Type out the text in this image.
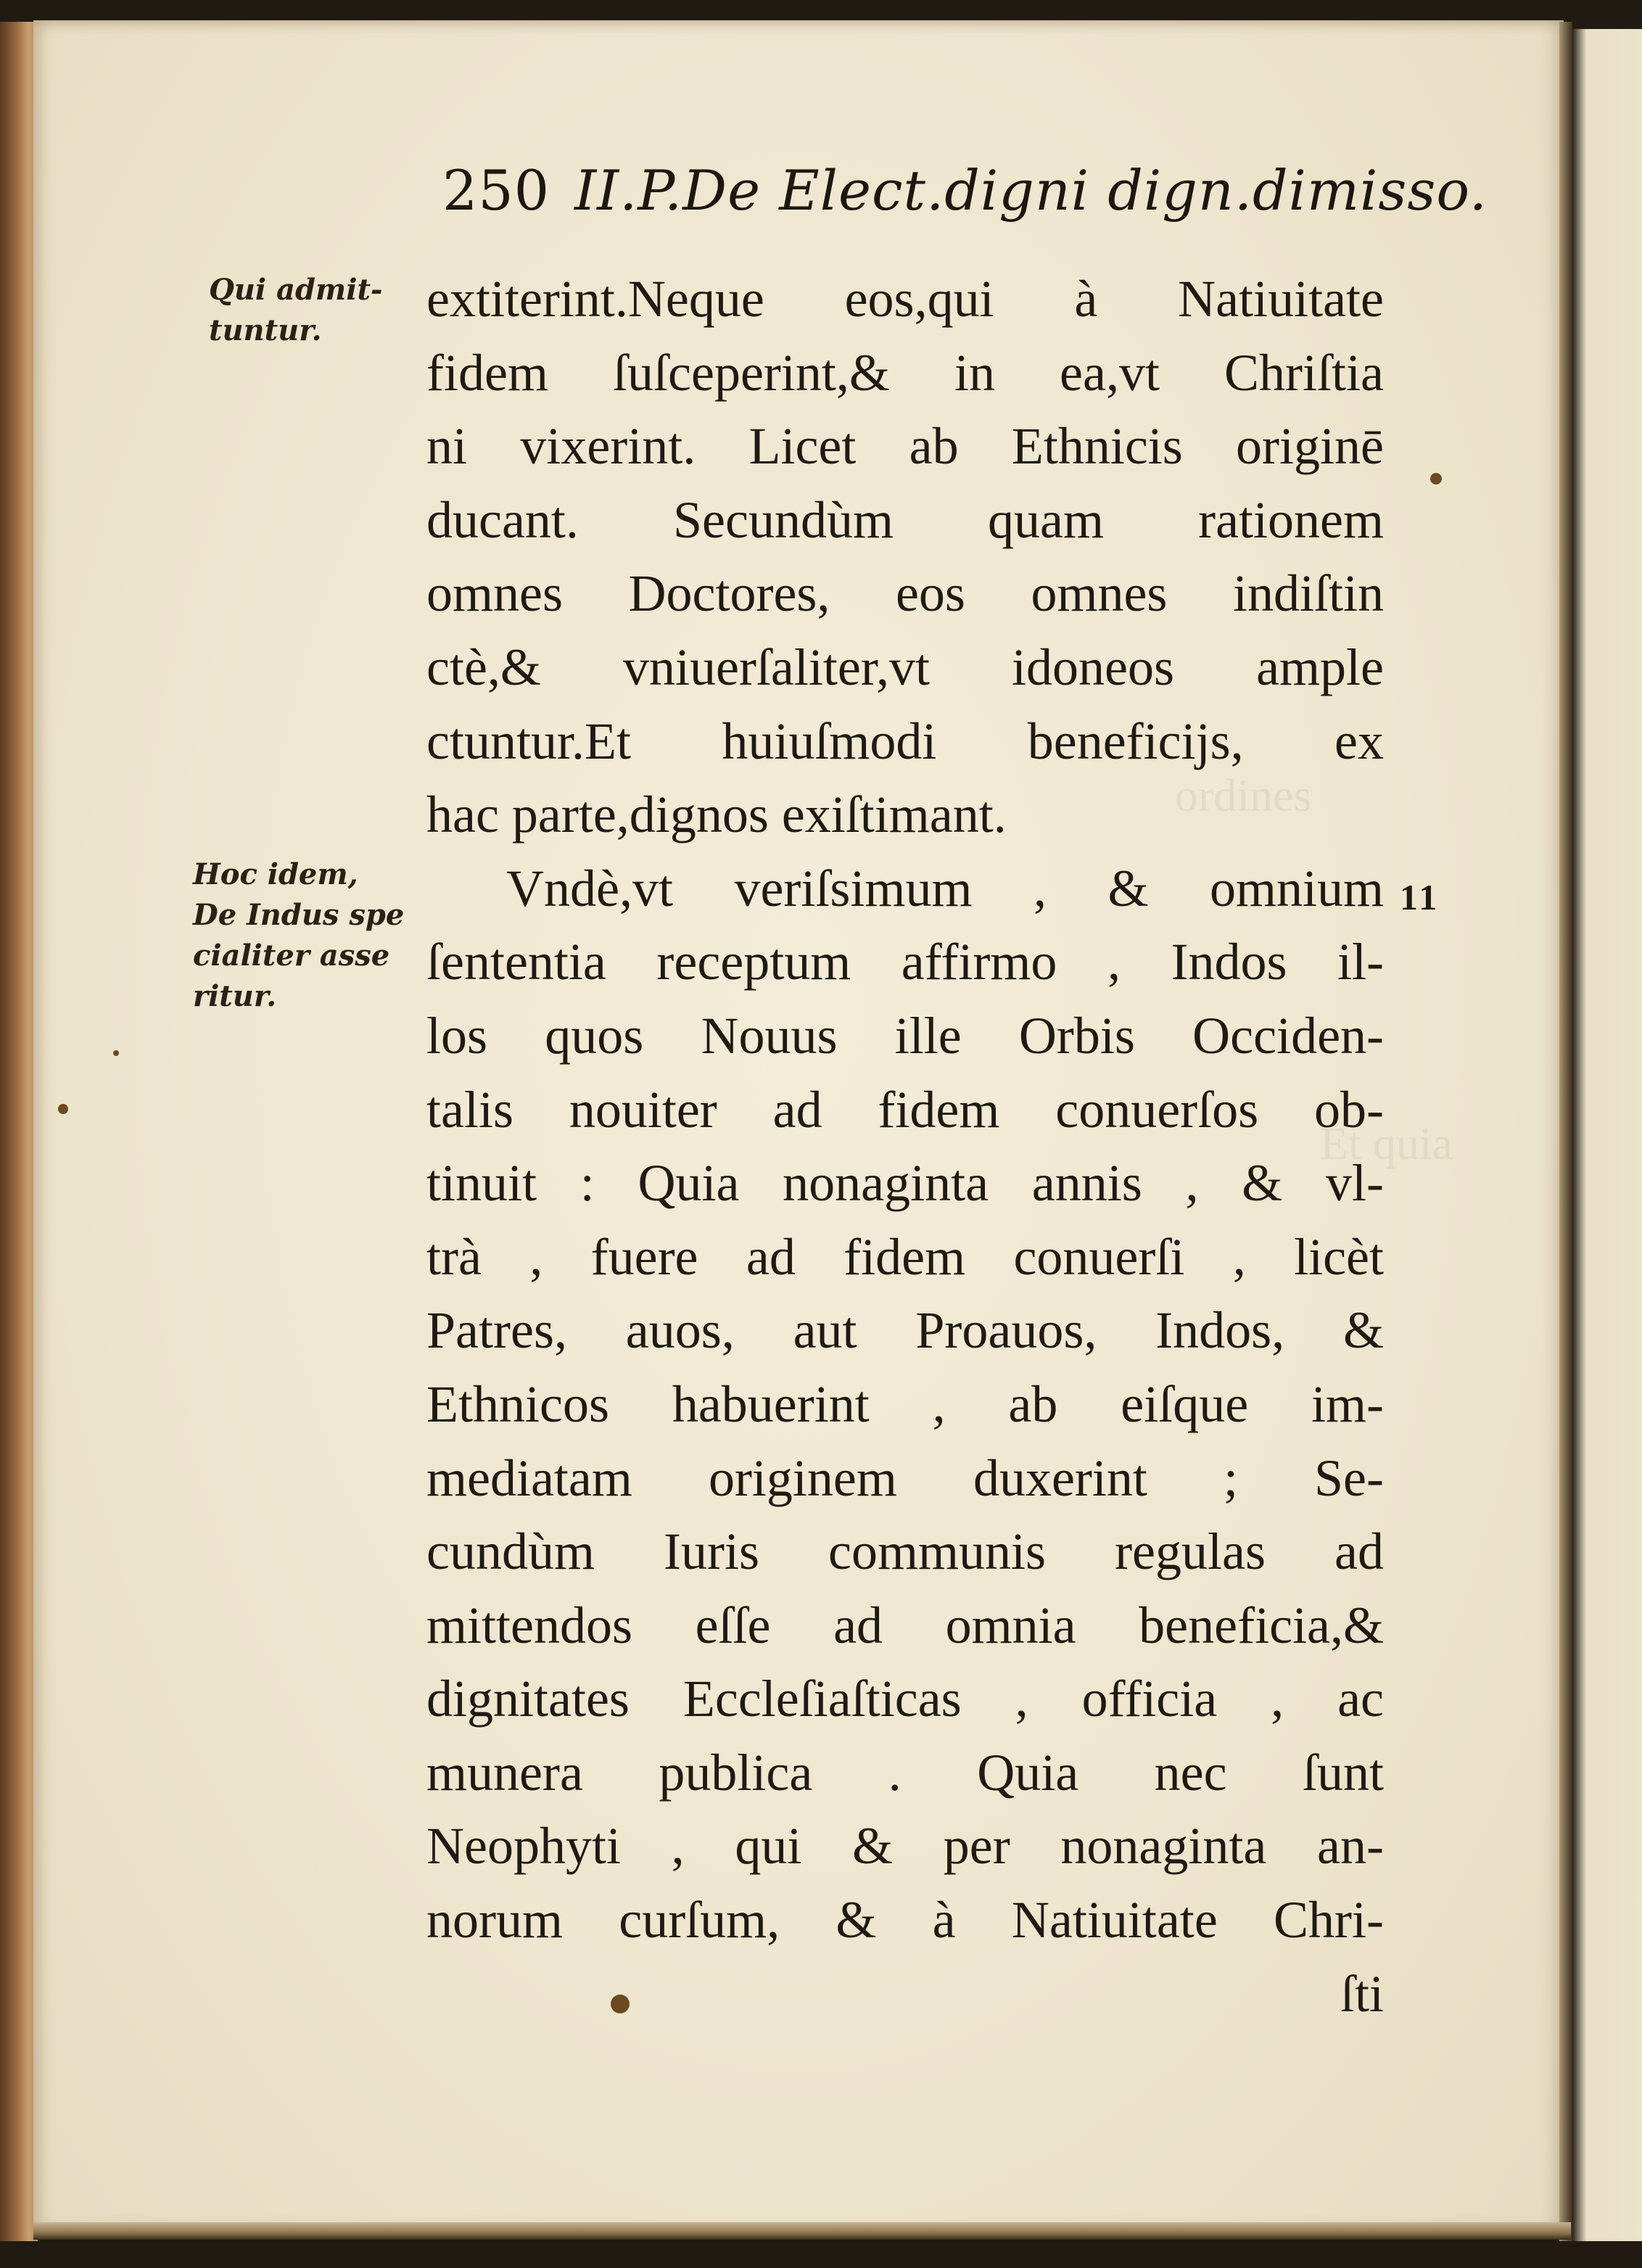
ordines
Et quia
250 II.P.De Elect.digni dign.dimisso.
Qui admit-
tuntur.
Hoc idem,
De Indus spe
cialiter asse
ritur.
11
extiterint.Neque eos,qui à Natiuitate
fidem ſuſceperint,& in ea,vt Chriſtia
ni vixerint. Licet ab Ethnicis originē
ducant. Secundùm quam rationem
omnes Doctores, eos omnes indiſtin
ctè,& vniuerſaliter,vt idoneos ample
ctuntur.Et huiuſmodi beneficijs, ex
hac parte,dignos exiſtimant.
Vndè,vt veriſsimum , & omnium
ſententia receptum affirmo , Indos il-
los quos Nouus ille Orbis Occiden-
talis nouiter ad fidem conuerſos ob-
tinuit : Quia nonaginta annis , & vl-
trà , fuere ad fidem conuerſi , licèt
Patres, auos, aut Proauos, Indos, &
Ethnicos habuerint , ab eiſque im-
mediatam originem duxerint ; Se-
cundùm Iuris communis regulas ad
mittendos eſſe ad omnia beneficia,&
dignitates Eccleſiaſticas , officia , ac
munera publica . Quia nec ſunt
Neophyti , qui & per nonaginta an-
norum curſum, & à Natiuitate Chri-
ſti
